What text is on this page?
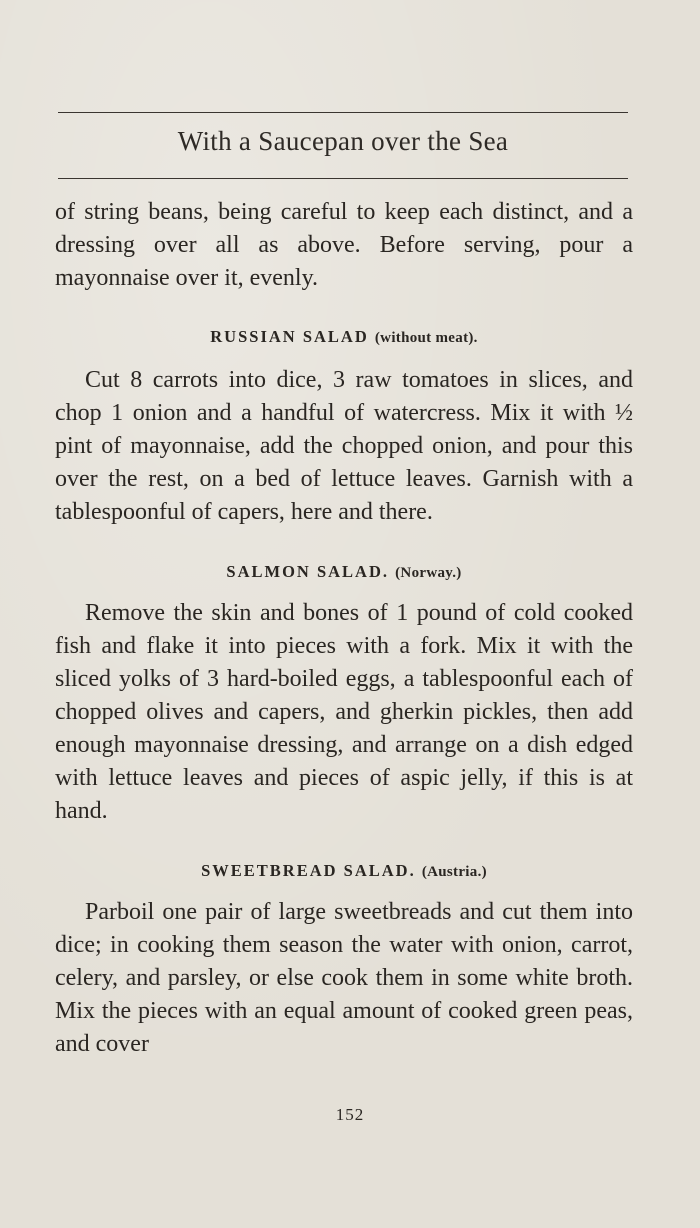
With a Saucepan over the Sea

of string beans, being careful to keep each distinct, and a dressing over all as above. Before serving, pour a mayonnaise over it, evenly.

RUSSIAN SALAD (without meat).

Cut 8 carrots into dice, 3 raw tomatoes in slices, and chop 1 onion and a handful of watercress. Mix it with ½ pint of mayonnaise, add the chopped onion, and pour this over the rest, on a bed of lettuce leaves. Garnish with a tablespoonful of capers, here and there.

SALMON SALAD. (Norway.)

Remove the skin and bones of 1 pound of cold cooked fish and flake it into pieces with a fork. Mix it with the sliced yolks of 3 hard-boiled eggs, a tablespoonful each of chopped olives and capers, and gherkin pickles, then add enough mayonnaise dressing, and arrange on a dish edged with lettuce leaves and pieces of aspic jelly, if this is at hand.

SWEETBREAD SALAD. (Austria.)

Parboil one pair of large sweetbreads and cut them into dice; in cooking them season the water with onion, carrot, celery, and parsley, or else cook them in some white broth. Mix the pieces with an equal amount of cooked green peas, and cover

152
